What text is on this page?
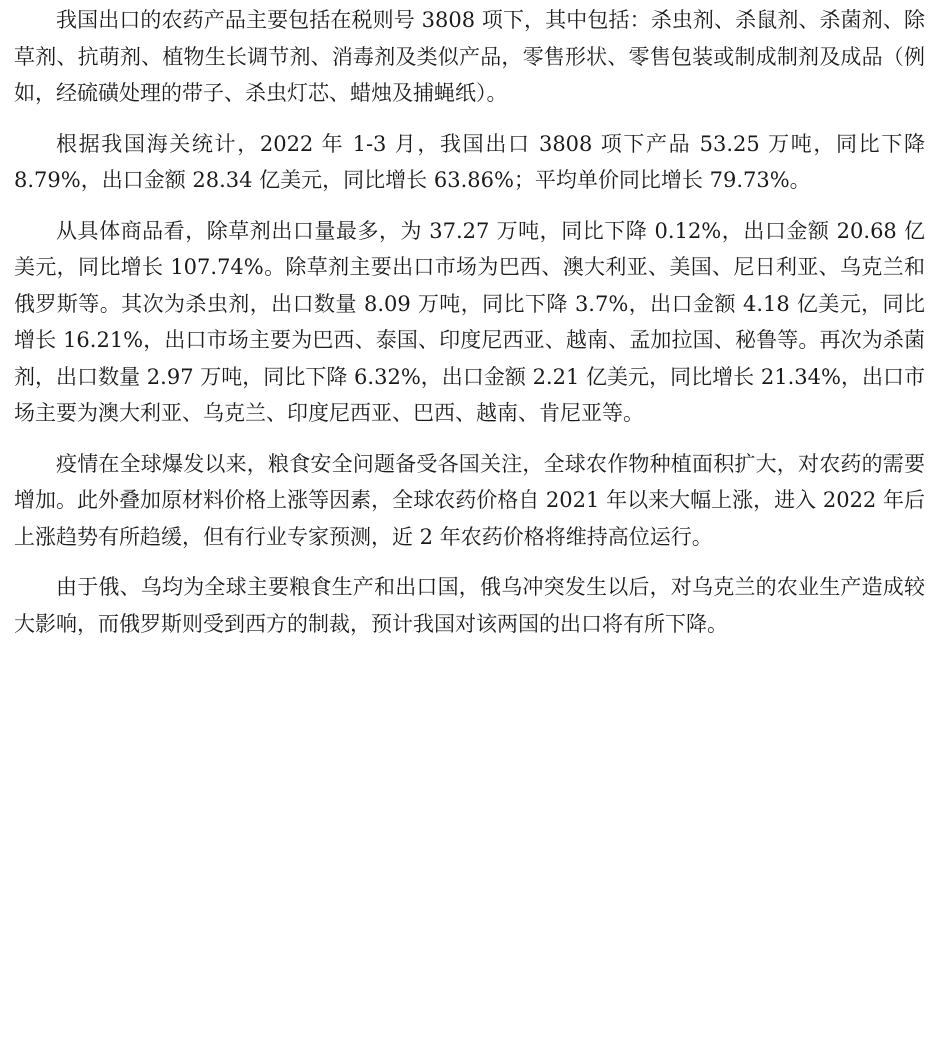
我国出口的农药产品主要包括在税则号 3808 项下，其中包括：杀虫剂、杀鼠剂、杀菌剂、除草剂、抗萌剂、植物生长调节剂、消毒剂及类似产品，零售形状、零售包装或制成制剂及成品（例如，经硫磺处理的带子、杀虫灯芯、蜡烛及捕蝇纸）。

根据我国海关统计，2022 年 1-3 月，我国出口 3808 项下产品 53.25 万吨，同比下降 8.79%，出口金额 28.34 亿美元，同比增长 63.86%；平均单价同比增长 79.73%。

从具体商品看，除草剂出口量最多，为 37.27 万吨，同比下降 0.12%，出口金额 20.68 亿美元，同比增长 107.74%。除草剂主要出口市场为巴西、澳大利亚、美国、尼日利亚、乌克兰和俄罗斯等。其次为杀虫剂，出口数量 8.09 万吨，同比下降 3.7%，出口金额 4.18 亿美元，同比增长 16.21%，出口市场主要为巴西、泰国、印度尼西亚、越南、孟加拉国、秘鲁等。再次为杀菌剂，出口数量 2.97 万吨，同比下降 6.32%，出口金额 2.21 亿美元，同比增长 21.34%，出口市场主要为澳大利亚、乌克兰、印度尼西亚、巴西、越南、肯尼亚等。

疫情在全球爆发以来，粮食安全问题备受各国关注，全球农作物种植面积扩大，对农药的需要增加。此外叠加原材料价格上涨等因素，全球农药价格自 2021 年以来大幅上涨，进入 2022 年后上涨趋势有所趋缓，但有行业专家预测，近 2 年农药价格将维持高位运行。

由于俄、乌均为全球主要粮食生产和出口国，俄乌冲突发生以后，对乌克兰的农业生产造成较大影响，而俄罗斯则受到西方的制裁，预计我国对该两国的出口将有所下降。
